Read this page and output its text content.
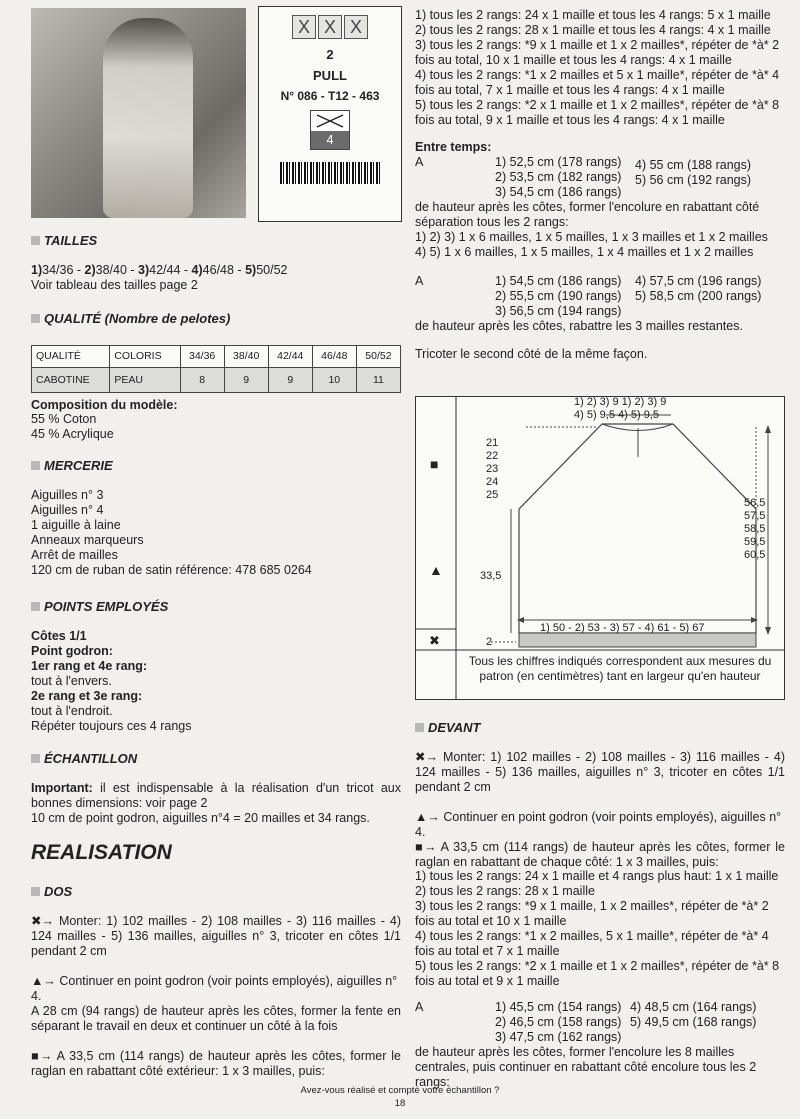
X X X
2
PULL
N° 086 - T12 - 463
4
TAILLES

1)34/36 - 2)38/40 - 3)42/44 - 4)46/48 - 5)50/52

Voir tableau des tailles page 2

QUALITÉ (Nombre de pelotes)
QUALITÉ	COLORIS	34/36	38/40	42/44	46/48	50/52
CABOTINE	PEAU	8	9	9	10	11

Composition du modèle:

55 % Coton

45 % Acrylique

MERCERIE

Aiguilles n° 3

Aiguilles n° 4

1 aiguille à laine

Anneaux marqueurs

Arrêt de mailles

120 cm de ruban de satin référence: 478 685 0264

POINTS EMPLOYÉS

Côtes 1/1

Point godron:

1er rang et 4e rang:

tout à l'envers.

2e rang et 3e rang:

tout à l'endroit.

Répéter toujours ces 4 rangs

ÉCHANTILLON

Important: il est indispensable à la réalisation d'un tricot aux bonnes dimensions: voir page 2

10 cm de point godron, aiguilles n°4 = 20 mailles et 34 rangs.

REALISATION
DOS

✖→ Monter: 1) 102 mailles - 2) 108 mailles - 3) 116 mailles - 4) 124 mailles - 5) 136 mailles, aiguilles n° 3, tricoter en côtes 1/1 pendant 2 cm

▲→ Continuer en point godron (voir points employés), aiguilles n° 4.

A 28 cm (94 rangs) de hauteur après les côtes, former la fente en séparant le travail en deux et continuer un côté à la fois

■→ A 33,5 cm (114 rangs) de hauteur après les côtes, former le raglan en rabattant côté extérieur: 1 x 3 mailles, puis:

1) tous les 2 rangs: 24 x 1 maille et tous les 4 rangs: 5 x 1 maille

2) tous les 2 rangs: 28 x 1 maille et tous les 4 rangs: 4 x 1 maille

3) tous les 2 rangs: *9 x 1 maille et 1 x 2 mailles*, répéter de *à* 2 fois au total, 10 x 1 maille et tous les 4 rangs: 4 x 1 maille

4) tous les 2 rangs: *1 x 2 mailles et 5 x 1 maille*, répéter de *à* 4 fois au total, 7 x 1 maille et tous les 4 rangs: 4 x 1 maille

5) tous les 2 rangs: *2 x 1 maille et 1 x 2 mailles*, répéter de *à* 8 fois au total, 9 x 1 maille et tous les 4 rangs: 4 x 1 maille

Entre temps:

A	1) 52,5 cm (178 rangs)

2) 53,5 cm (182 rangs)

3) 54,5 cm (186 rangs)

4) 55 cm (188 rangs)

5) 56 cm (192 rangs)

de hauteur après les côtes, former l'encolure en rabattant côté séparation tous les 2 rangs:

1) 2) 3) 1 x 6 mailles, 1 x 5 mailles, 1 x 3 mailles et 1 x 2 mailles

4) 5) 1 x 6 mailles, 1 x 5 mailles, 1 x 4 mailles et 1 x 2 mailles

A	1) 54,5 cm (186 rangs)

2) 55,5 cm (190 rangs)

3) 56,5 cm (194 rangs)

4) 57,5 cm (196 rangs)

5) 58,5 cm (200 rangs)

de hauteur après les côtes, rabattre les 3 mailles restantes.

Tricoter le second côté de la même façon.

■
▲
✖

1) 2) 3) 9 1) 2) 3) 9

4) 5) 9,5 4) 5) 9,5

21

22

23

24

25

56,5

57,5

58,5

59,5

60,5

33,5

1) 50 - 2) 53 - 3) 57 - 4) 61 - 5) 67

2

Tous les chiffres indiqués correspondent aux mesures du patron (en centimètres) tant en largeur qu'en hauteur

DEVANT

✖→ Monter: 1) 102 mailles - 2) 108 mailles - 3) 116 mailles - 4) 124 mailles - 5) 136 mailles, aiguilles n° 3, tricoter en côtes 1/1 pendant 2 cm

▲→ Continuer en point godron (voir points employés), aiguilles n° 4.

■→ A 33,5 cm (114 rangs) de hauteur après les côtes, former le raglan en rabattant de chaque côté: 1 x 3 mailles, puis:

1) tous les 2 rangs: 24 x 1 maille et 4 rangs plus haut: 1 x 1 maille

2) tous les 2 rangs: 28 x 1 maille

3) tous les 2 rangs: *9 x 1 maille, 1 x 2 mailles*, répéter de *à* 2 fois au total et 10 x 1 maille

4) tous les 2 rangs: *1 x 2 mailles, 5 x 1 maille*, répéter de *à* 4 fois au total et 7 x 1 maille

5) tous les 2 rangs: *2 x 1 maille et 1 x 2 mailles*, répéter de *à* 8 fois au total et 9 x 1 maille

A	1) 45,5 cm (154 rangs)

2) 46,5 cm (158 rangs)

3) 47,5 cm (162 rangs)

4) 48,5 cm (164 rangs)

5) 49,5 cm (168 rangs)

de hauteur après les côtes, former l'encolure les 8 mailles centrales, puis continuer en rabattant côté encolure tous les 2 rangs:

Avez-vous réalisé et compté votre échantillon ?
18
